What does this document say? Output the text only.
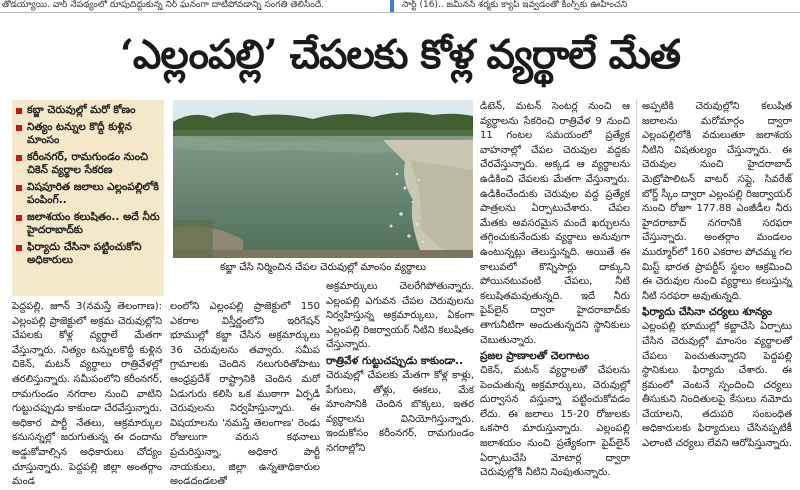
తోడయ్యాయి. వార్ నేపథ్యంలో రూపుదిద్దుకున్న నిర్ ఘనంగా దాటిపోవడాన్ని సంగతి తెలిసిందే.	సార్ట్ (16).. జమీనన్ శర్మకు క్యాప్ ఇవ్వడంతో కింగ్స్‌కు ఊహించని
‘ఎల్లంపల్లి’ చేపలకు కోళ్ల వ్యర్థాలే మేత
కబ్జా చెరువుల్లో మరో కోణం
నిత్యం టన్నుల కొద్దీ కుళ్లిన మాంసం
కరీంనగర్, రామగుండం నుంచి చికెన్ వ్యర్థాల సేకరణ
విషపూరిత జలాలు ఎల్లంపల్లిలోకి పంపింగ్..
జలాశయం కలుషితం.. అదే నీరు హైదరాబాద్‌కు
ఫిర్యాదు చేసినా పట్టించుకోని అధికారులు
కబ్జా చేసి నిర్మించిన చేపల చెరువుల్లో మాంసం వ్యర్థాలు

డిటెన్, మటన్ సెంటర్ల నుంచి ఆ వ్యర్థాలను సేకరించి రాత్రివేళ 9 నుంచి 11 గంటల సమయంలో ప్రత్యేక వాహనాల్లో చేపల చెరువుల వద్దకు చేరవేస్తున్నారు. అక్కడ ఆ వ్యర్థాలను ఉడికించి చేపలకు మేతగా వేస్తున్నారు. ఉడికించేందుకు చెరువుల వద్ద ప్రత్యేక పాత్రలను ఏర్పాటుచేశారు. చేపల మేతకు అవసరమైన మందే ఖర్చులను తగ్గించుకునేందుకు వ్యర్థాలు అనువుగా ఉంటున్నట్లు తెలుస్తున్నది. అయితే ఈ కాలువలో కొన్నిసార్లు దాక్కుని పోయినటువంటి చేపలు, నీటి కలుషితమవుతున్నది. ఇదే నీరు పైప్‌లైన్ ద్వారా హైదరాబాద్‌కు తాగునీటిగా అందుతున్నదని స్థానికులు చెబుతున్నారు.

ప్రజల ప్రాణాలతో చెలగాటం

చికెన్, మటన్ వ్యర్థాలతో చేపలను పెంచుతున్న అక్రమార్కులు, చెరువుల్లో దుర్వాసన వస్తున్నా పట్టించుకోవడం లేదు. ఈ జలాలు 15-20 రోజులకు ఒకసారి మారుస్తున్నారు. ఎల్లంపల్లి జలాశయం నుంచి ప్రత్యేకంగా పైప్‌లైన్ ఏర్పాటుచేసి మోటార్ల ద్వారా చెరువుల్లోకి నీటిని నింపుతున్నారు.

అప్పటికి చెరువుల్లోని కలుషిత జలాలను మరోమార్గం ద్వారా ఎల్లంపల్లిలోకి వదులుతూ జలాశయ నీటిని విషతుల్యం చేస్తున్నారు. ఈ చెరువుల నుంచి హైదరాబాద్ మెట్రోపాలిటన్ వాటర్ సప్లై, సివరేజ్ బోర్డ్ స్కీం ద్వారా ఎల్లంపల్లి రిజర్వాయర్ నుంచి రోజూ 177.88 ఎంజీడీల నీరు హైదరాబాద్ నగరానికి సరఫరా చేస్తున్నారు. అంతర్గాం మండలం ముర్మూర్‌లో 160 ఎకరాల పోచమ్మ గల మిస్ట్ భారత ప్రాపర్టీస్ స్థలం ఆక్రమించి ఈ చెరువుల నుంచి వ్యర్థాలు కలుస్తున్న నీటి సరఫరా అవుతున్నది.

ఫిర్యాదు చేసినా చర్యలు శూన్యం

ఎల్లంపల్లి భూముల్లో కబ్జాచేసి ఏర్పాటు చేసిన చెరువుల్లో మాంసం వ్యర్థాలతో చేపలు పెంచుతున్నారని పెద్దపల్లి స్థానికులు ఫిర్యాదు చేశారు. ఈ క్రమంలో వెంటనే స్పందించి చర్యలు తీసుకుని నిందితులపై కేసులు నమోదు చేయాలని, తదుపరి సంబంధిత అధికారులకు ఫిర్యాదులు చేసినప్పటికీ ఎలాంటి చర్యలు లేవని ఆరోపిస్తున్నారు.

పెద్దపల్లి, జూన్ 3(నమస్తే తెలంగాణ): ఎల్లంపల్లి ప్రాజెక్టులో అక్రమ చెరువుల్లోని చేపలకు కోళ్ల వ్యర్థాలే మేతగా వేస్తున్నారు. నిత్యం టన్నులకొద్దీ కుళ్లిన చికెన్, మటన్ వ్యర్థాలు రాత్రివేళల్లో తరలిస్తున్నారు. సమీపంలోని కరీంనగర్, రామగుండం నగరాల నుంచి వాటిని గుట్టుచప్పుడు కాకుండా చేరవేస్తున్నారు. అధికార పార్టీ నేతలు, ఆక్రమార్కుల కనుసన్నల్లో జరుగుతున్న ఈ దందాను అడ్డుకోవాల్సిన అధికారులు చోద్యం చూస్తున్నారు. పెద్దపల్లి జిల్లా అంతర్గాం మండ

లంలోని ఎల్లంపల్లి ప్రాజెక్టులో 150 ఎకరాల విస్తీర్ణంలోని ఇరిగేషన్ భూముల్లో కబ్జా చేసిన అక్రమార్కులు 36 చెరువులను తవ్వారు. సమీప గ్రామాలకు చెందిన నలుగురితోపాటు ఆంధ్రప్రదేశ్ రాష్ట్రానికి చెందిన మరో ఏడుగురు కలిసి ఒక ముఠాగా ఏర్పడి చెరువులను నిర్వహిస్తున్నారు. ఈ విషయాలను 'నమస్తే తెలంగాణ' రెండు రోజులుగా వరుస కథనాలు ప్రచురిస్తున్నా, అధికార పార్టీ నాయకులు, జిల్లా ఉన్నతాధికారుల అండదండలతో

అక్రమార్కులు చెలరేగిపోతున్నారు. ఎల్లంపల్లి ఎగువన చేపల చెరువులను నిర్వహిస్తున్న అక్రమార్కులు, ఏకంగా ఎల్లంపల్లి రిజర్వాయర్ నీటిని కలుషితం చేస్తున్నారు.

రాత్రివేళ గుట్టుచప్పుడు కాకుండా..

చెరువుల్లో చేపలకు మేతగా కోళ్ల కాళ్లు, పేగులు, తోళ్లు, ఈకలు, మేక మాంసానికి చెందిన బొక్కలు, ఇతర వ్యర్థాలను వినియోగిస్తున్నారు. ఇందుకోసం కరీంనగర్, రామగుండం నగరాల్లోని
